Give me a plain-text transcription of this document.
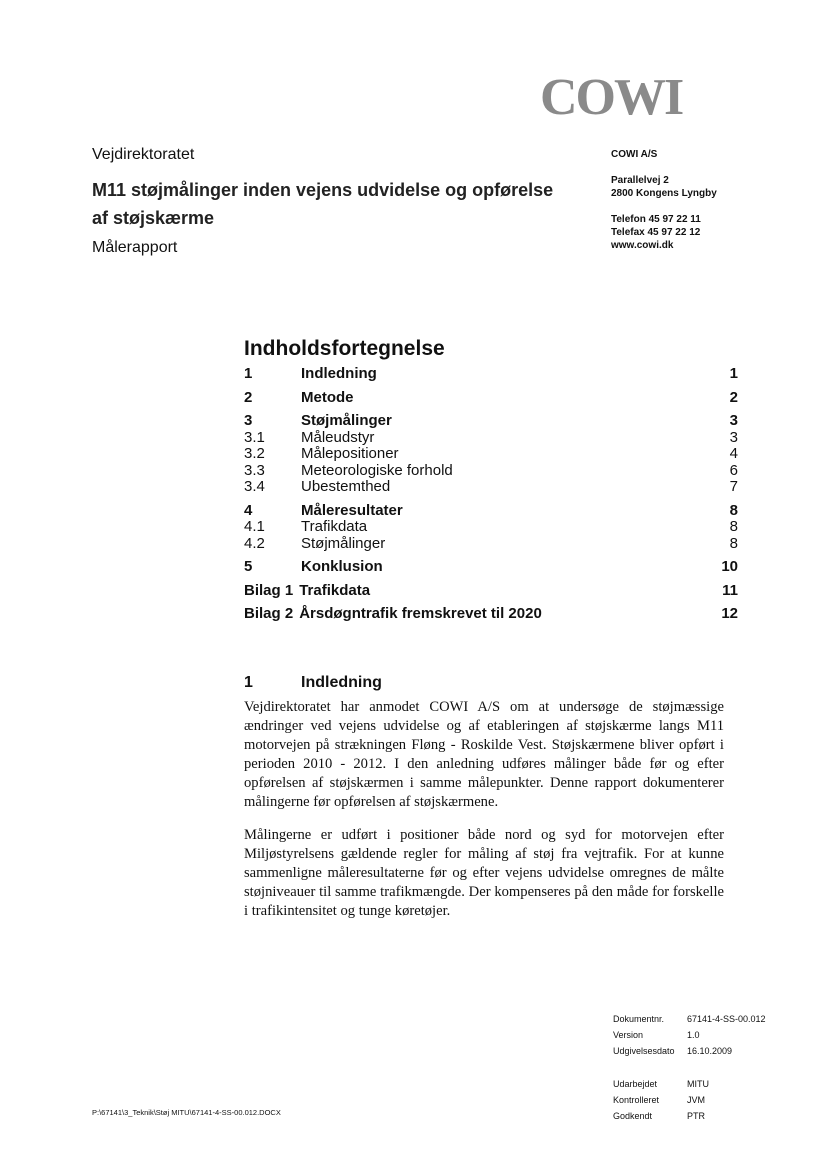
COWI
Vejdirektoratet
M11 støjmålinger inden vejens udvidelse og opførelse af støjskærme
Målerapport
COWI A/S
Parallelvej 2
2800 Kongens Lyngby
Telefon 45 97 22 11
Telefax 45 97 22 12
www.cowi.dk
Indholdsfortegnelse
1	Indledning	1
2	Metode	2
3	Støjmålinger	3
3.1	Måleudstyr	3
3.2	Målepositioner	4
3.3	Meteorologiske forhold	6
3.4	Ubestemthed	7
4	Måleresultater	8
4.1	Trafikdata	8
4.2	Støjmålinger	8
5	Konklusion	10
Bilag 1 Trafikdata	11
Bilag 2 Årsdøgntrafik fremskrevet til 2020	12
1	Indledning
Vejdirektoratet har anmodet COWI A/S om at undersøge de støjmæssige ændringer ved vejens udvidelse og af etableringen af støjskærme langs M11 motorvejen på strækningen Fløng - Roskilde Vest. Støjskærmene bliver opført i perioden 2010 - 2012. I den anledning udføres målinger både før og efter opførelsen af støjskærmen i samme målepunkter. Denne rapport dokumenterer målingerne før opførelsen af støjskærmene.
Målingerne er udført i positioner både nord og syd for motorvejen efter Miljøstyrelsens gældende regler for måling af støj fra vejtrafik. For at kunne sammenligne måleresultaterne før og efter vejens udvidelse omregnes de målte støjniveauer til samme trafikmængde. Der kompenseres på den måde for forskelle i trafikintensitet og tunge køretøjer.
Dokumentnr.	67141-4-SS-00.012
Version	1.0
Udgivelsesdato	16.10.2009
Udarbejdet	MITU
Kontrolleret	JVM
Godkendt	PTR
P:\67141\3_Teknik\Støj MITU\67141-4-SS-00.012.DOCX
